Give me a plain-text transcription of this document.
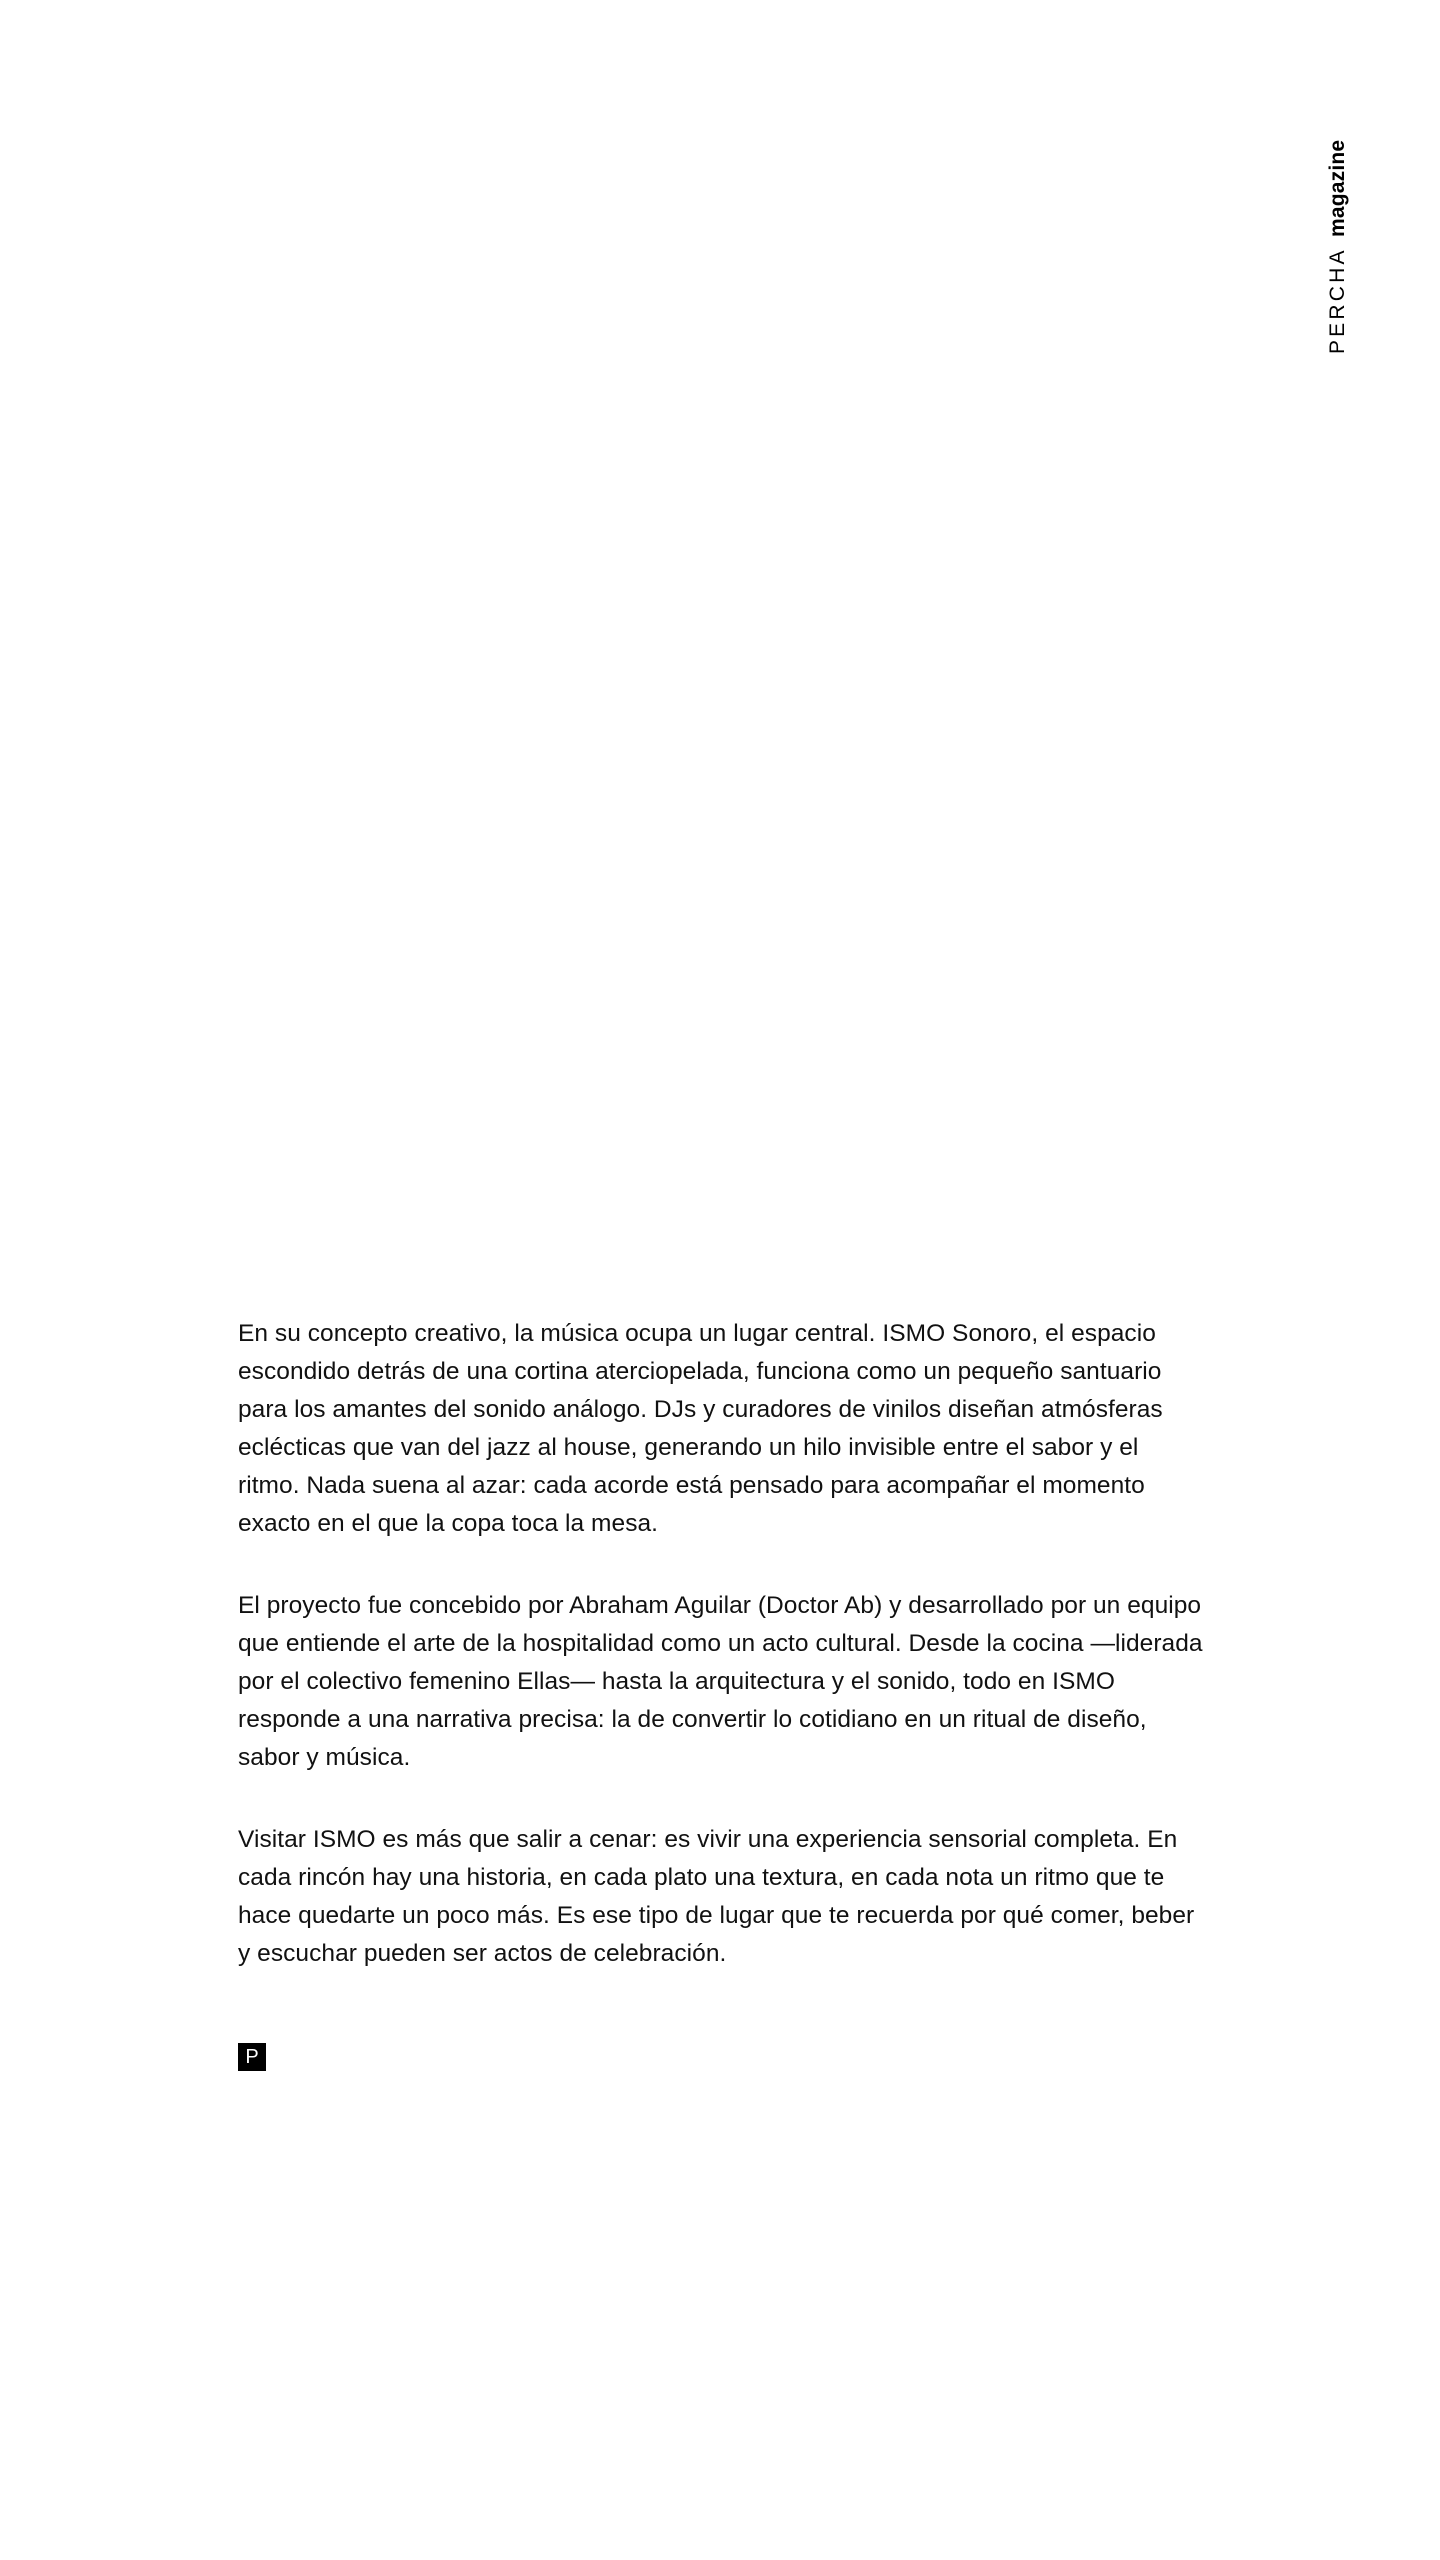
PERCHA
magazine

En su concepto creativo, la música ocupa un lugar central. ISMO Sonoro, el espacio escondido detrás de una cortina aterciopelada, funciona como un pequeño santuario para los amantes del sonido análogo. DJs y curadores de vinilos diseñan atmósferas eclécticas que van del jazz al house, generando un hilo invisible entre el sabor y el ritmo. Nada suena al azar: cada acorde está pensado para acompañar el momento exacto en el que la copa toca la mesa.

El proyecto fue concebido por Abraham Aguilar (Doctor Ab) y desarrollado por un equipo que entiende el arte de la hospitalidad como un acto cultural. Desde la cocina —liderada por el colectivo femenino Ellas— hasta la arquitectura y el sonido, todo en ISMO responde a una narrativa precisa: la de convertir lo cotidiano en un ritual de diseño, sabor y música.

Visitar ISMO es más que salir a cenar: es vivir una experiencia sensorial completa. En cada rincón hay una historia, en cada plato una textura, en cada nota un ritmo que te hace quedarte un poco más. Es ese tipo de lugar que te recuerda por qué comer, beber y escuchar pueden ser actos de celebración.

P
